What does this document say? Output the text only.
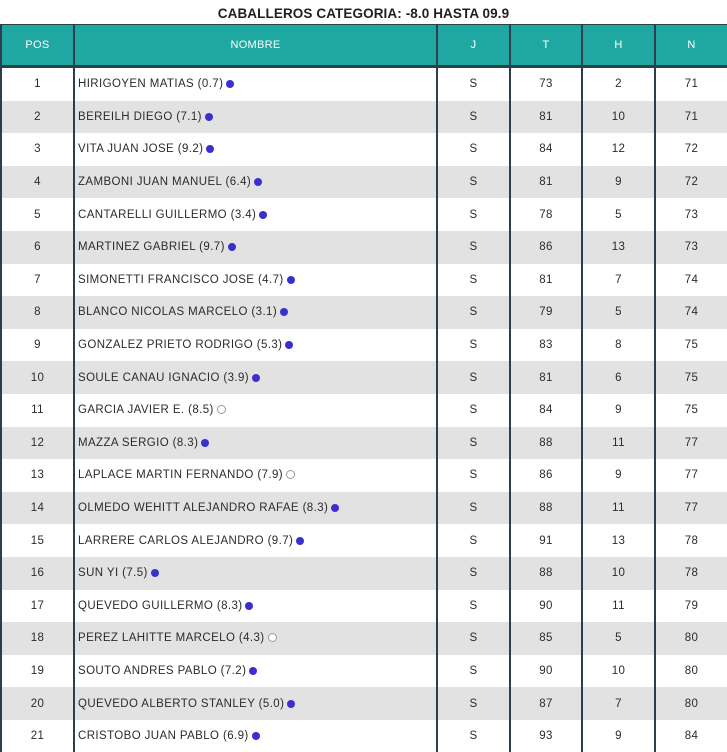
CABALLEROS CATEGORIA: -8.0 HASTA 09.9
POS	NOMBRE	J	T	H	N
1	HIRIGOYEN MATIAS (0.7)	S	73	2	71
2	BEREILH DIEGO (7.1)	S	81	10	71
3	VITA JUAN JOSE (9.2)	S	84	12	72
4	ZAMBONI JUAN MANUEL (6.4)	S	81	9	72
5	CANTARELLI GUILLERMO (3.4)	S	78	5	73
6	MARTINEZ GABRIEL (9.7)	S	86	13	73
7	SIMONETTI FRANCISCO JOSE (4.7)	S	81	7	74
8	BLANCO NICOLAS MARCELO (3.1)	S	79	5	74
9	GONZALEZ PRIETO RODRIGO (5.3)	S	83	8	75
10	SOULE CANAU IGNACIO (3.9)	S	81	6	75
11	GARCIA JAVIER E. (8.5)	S	84	9	75
12	MAZZA SERGIO (8.3)	S	88	11	77
13	LAPLACE MARTIN FERNANDO (7.9)	S	86	9	77
14	OLMEDO WEHITT ALEJANDRO RAFAE (8.3)	S	88	11	77
15	LARRERE CARLOS ALEJANDRO (9.7)	S	91	13	78
16	SUN YI (7.5)	S	88	10	78
17	QUEVEDO GUILLERMO (8.3)	S	90	11	79
18	PEREZ LAHITTE MARCELO (4.3)	S	85	5	80
19	SOUTO ANDRES PABLO (7.2)	S	90	10	80
20	QUEVEDO ALBERTO STANLEY (5.0)	S	87	7	80
21	CRISTOBO JUAN PABLO (6.9)	S	93	9	84
